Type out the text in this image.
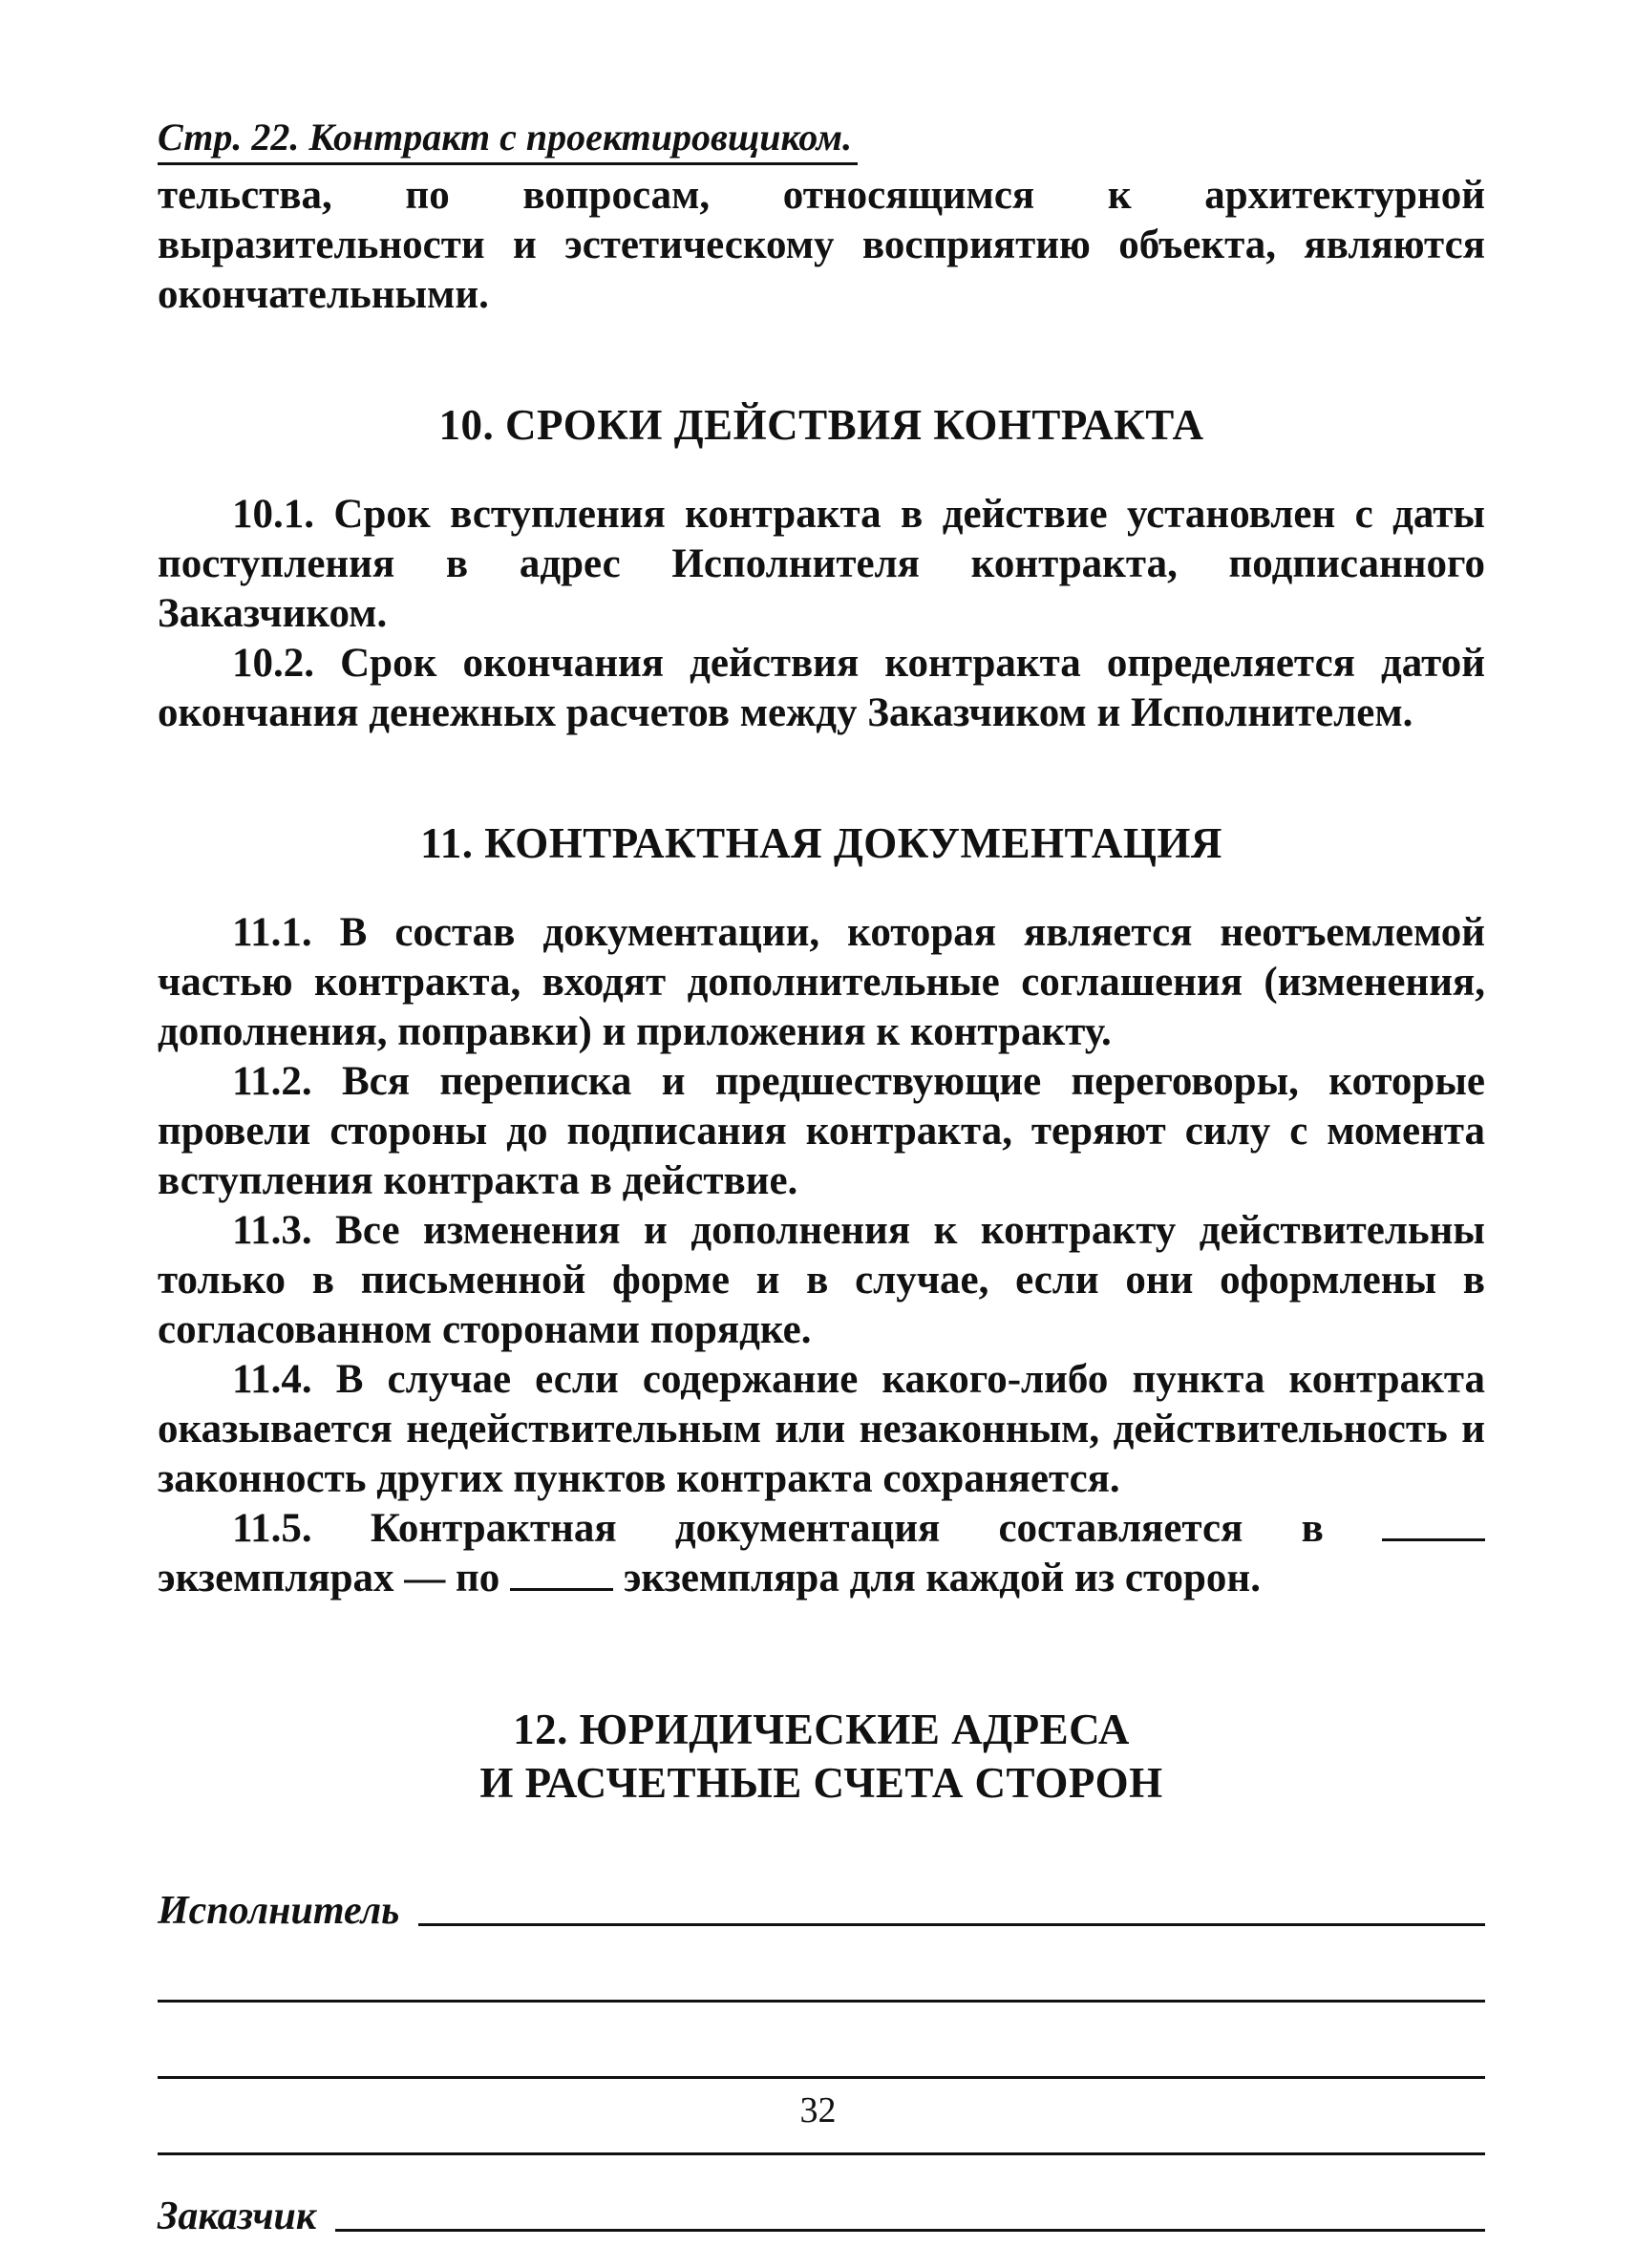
Стр. 22. Контракт с проектировщиком.

тельства, по вопросам, относящимся к архитектурной выразительности и эстетическому восприятию объекта, являются окончательными.

10. СРОКИ ДЕЙСТВИЯ КОНТРАКТА

10.1. Срок вступления контракта в действие установлен с даты поступления в адрес Исполнителя контракта, подписанного Заказчиком.

10.2. Срок окончания действия контракта определяется датой окончания денежных расчетов между Заказчиком и Исполнителем.

11. КОНТРАКТНАЯ ДОКУМЕНТАЦИЯ

11.1. В состав документации, которая является неотъемлемой частью контракта, входят дополнительные соглашения (изменения, дополнения, поправки) и приложения к контракту.

11.2. Вся переписка и предшествующие переговоры, которые провели стороны до подписания контракта, теряют силу с момента вступления контракта в действие.

11.3. Все изменения и дополнения к контракту действительны только в письменной форме и в случае, если они оформлены в согласованном сторонами порядке.

11.4. В случае если содержание какого-либо пункта контракта оказывается недействительным или незаконным, действительность и законность других пунктов контракта сохраняется.

11.5. Контрактная документация составляется в  экземплярах — по	экземпляра для каждой из сторон.

12. ЮРИДИЧЕСКИЕ АДРЕСА
И РАСЧЕТНЫЕ СЧЕТА СТОРОН
Исполнитель
Заказчик
32
